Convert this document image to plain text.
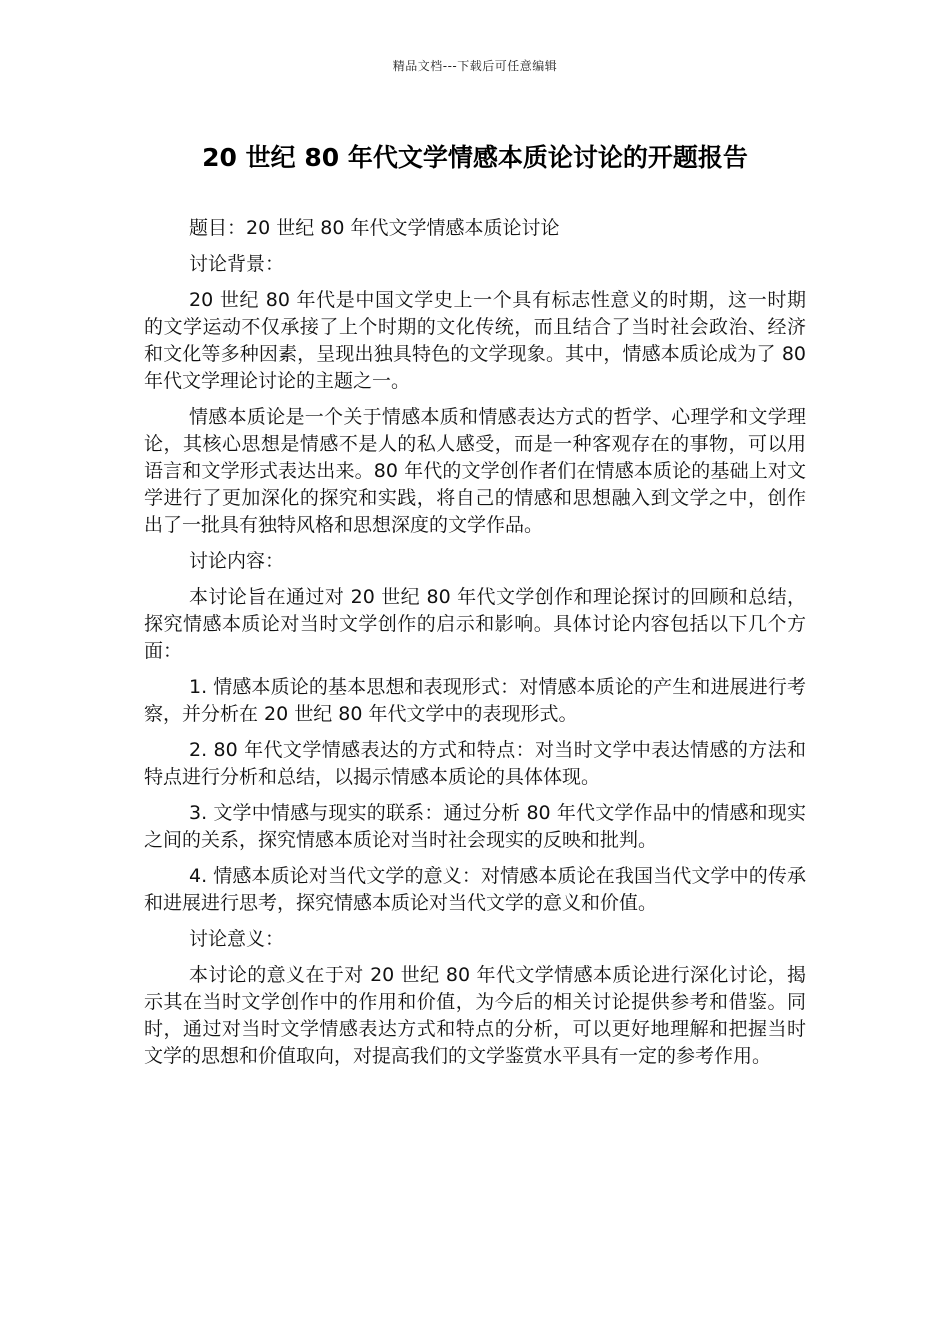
精品文档---下载后可任意编辑
20 世纪 80 年代文学情感本质论讨论的开题报告

题目：20 世纪 80 年代文学情感本质论讨论

讨论背景：

20 世纪 80 年代是中国文学史上一个具有标志性意义的时期，这一时期的文学运动不仅承接了上个时期的文化传统，而且结合了当时社会政治、经济和文化等多种因素，呈现出独具特色的文学现象。其中，情感本质论成为了 80 年代文学理论讨论的主题之一。

情感本质论是一个关于情感本质和情感表达方式的哲学、心理学和文学理论，其核心思想是情感不是人的私人感受，而是一种客观存在的事物，可以用语言和文学形式表达出来。80 年代的文学创作者们在情感本质论的基础上对文学进行了更加深化的探究和实践，将自己的情感和思想融入到文学之中，创作出了一批具有独特风格和思想深度的文学作品。

讨论内容：

本讨论旨在通过对 20 世纪 80 年代文学创作和理论探讨的回顾和总结，探究情感本质论对当时文学创作的启示和影响。具体讨论内容包括以下几个方面：

1. 情感本质论的基本思想和表现形式：对情感本质论的产生和进展进行考察，并分析在 20 世纪 80 年代文学中的表现形式。

2. 80 年代文学情感表达的方式和特点：对当时文学中表达情感的方法和特点进行分析和总结，以揭示情感本质论的具体体现。

3. 文学中情感与现实的联系：通过分析 80 年代文学作品中的情感和现实之间的关系，探究情感本质论对当时社会现实的反映和批判。

4. 情感本质论对当代文学的意义：对情感本质论在我国当代文学中的传承和进展进行思考，探究情感本质论对当代文学的意义和价值。

讨论意义：

本讨论的意义在于对 20 世纪 80 年代文学情感本质论进行深化讨论，揭示其在当时文学创作中的作用和价值，为今后的相关讨论提供参考和借鉴。同时，通过对当时文学情感表达方式和特点的分析，可以更好地理解和把握当时文学的思想和价值取向，对提高我们的文学鉴赏水平具有一定的参考作用。
